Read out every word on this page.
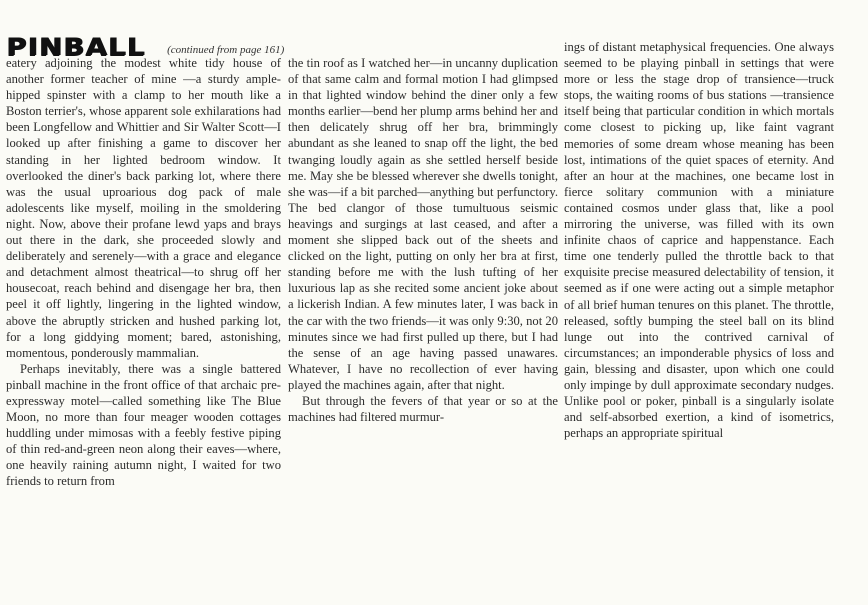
PINBALL (continued from page 161)

eatery adjoining the modest white tidy house of another former teacher of mine —a sturdy ample-hipped spinster with a clamp to her mouth like a Boston terrier's, whose apparent sole exhilarations had been Longfellow and Whittier and Sir Walter Scott—I looked up after finishing a game to discover her standing in her lighted bedroom window. It overlooked the diner's back parking lot, where there was the usual uproarious dog pack of male adolescents like myself, moiling in the smoldering night. Now, above their profane lewd yaps and brays out there in the dark, she proceeded slowly and deliberately and serenely—with a grace and elegance and detachment almost theatrical—to shrug off her housecoat, reach behind and disengage her bra, then peel it off lightly, lingering in the lighted window, above the abruptly stricken and hushed parking lot, for a long giddying moment; bared, astonishing, momentous, ponderously mammalian.

Perhaps inevitably, there was a single battered pinball machine in the front office of that archaic pre-expressway motel—called something like The Blue Moon, no more than four meager wooden cottages huddling under mimosas with a feebly festive piping of thin red-and-green neon along their eaves—where, one heavily raining autumn night, I waited for two friends to return from

the tin roof as I watched her—in uncanny duplication of that same calm and formal motion I had glimpsed in that lighted window behind the diner only a few months earlier—bend her plump arms behind her and then delicately shrug off her bra, brimmingly abundant as she leaned to snap off the light, the bed twanging loudly again as she settled herself beside me. May she be blessed wherever she dwells tonight, she was—if a bit parched—anything but perfunctory. The bed clangor of those tumultuous seismic heavings and surgings at last ceased, and after a moment she slipped back out of the sheets and clicked on the light, putting on only her bra at first, standing before me with the lush tufting of her luxurious lap as she recited some ancient joke about a lickerish Indian. A few minutes later, I was back in the car with the two friends—it was only 9:30, not 20 minutes since we had first pulled up there, but I had the sense of an age having passed unawares. Whatever, I have no recollection of ever having played the machines again, after that night.

But through the fevers of that year or so at the machines had filtered murmur-

ings of distant metaphysical frequencies. One always seemed to be playing pinball in settings that were more or less the stage drop of transience—truck stops, the waiting rooms of bus stations —transience itself being that particular condition in which mortals come closest to picking up, like faint vagrant memories of some dream whose meaning has been lost, intimations of the quiet spaces of eternity. And after an hour at the machines, one became lost in fierce solitary communion with a miniature contained cosmos under glass that, like a pool mirroring the universe, was filled with its own infinite chaos of caprice and happenstance. Each time one tenderly pulled the throttle back to that exquisite precise measured delectability of tension, it seemed as if one were acting out a simple metaphor of all brief human tenures on this planet. The throttle, released, softly bumping the steel ball on its blind lunge out into the contrived carnival of circumstances; an imponderable physics of loss and gain, blessing and disaster, upon which one could only impinge by dull approximate secondary nudges. Unlike pool or poker, pinball is a singularly isolate and self-absorbed exertion, a kind of isometrics, perhaps an appropriate spiritual
